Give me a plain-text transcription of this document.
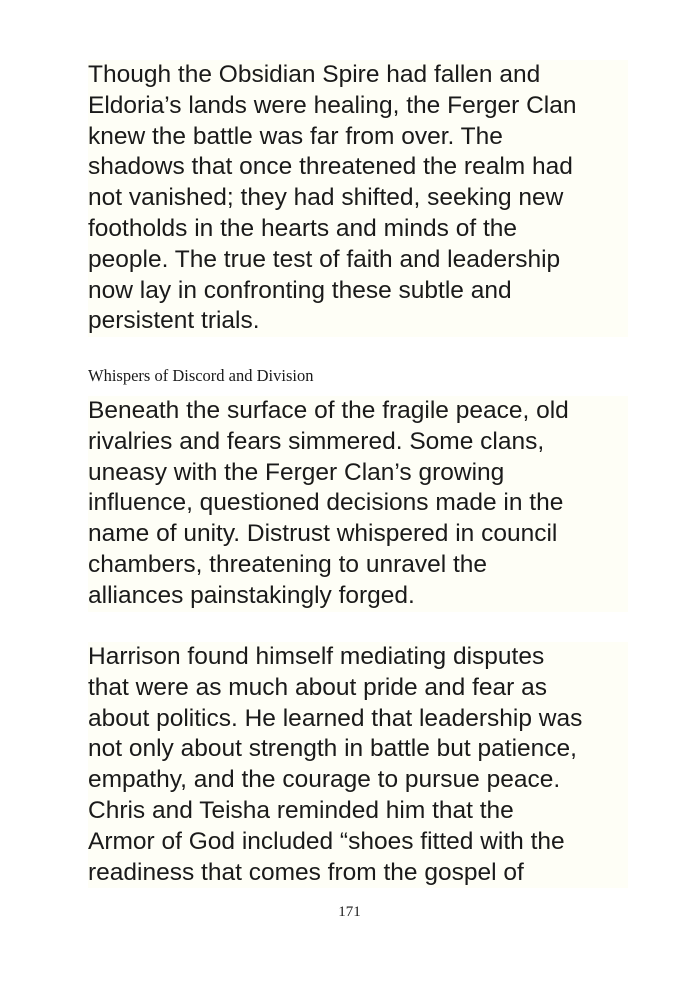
Though the Obsidian Spire had fallen and
Eldoria’s lands were healing, the Ferger Clan
knew the battle was far from over. The
shadows that once threatened the realm had
not vanished; they had shifted, seeking new
footholds in the hearts and minds of the
people. The true test of faith and leadership
now lay in confronting these subtle and
persistent trials.
Whispers of Discord and Division
Beneath the surface of the fragile peace, old
rivalries and fears simmered. Some clans,
uneasy with the Ferger Clan’s growing
influence, questioned decisions made in the
name of unity. Distrust whispered in council
chambers, threatening to unravel the
alliances painstakingly forged.
Harrison found himself mediating disputes
that were as much about pride and fear as
about politics. He learned that leadership was
not only about strength in battle but patience,
empathy, and the courage to pursue peace.
Chris and Teisha reminded him that the
Armor of God included “shoes fitted with the
readiness that comes from the gospel of
171
